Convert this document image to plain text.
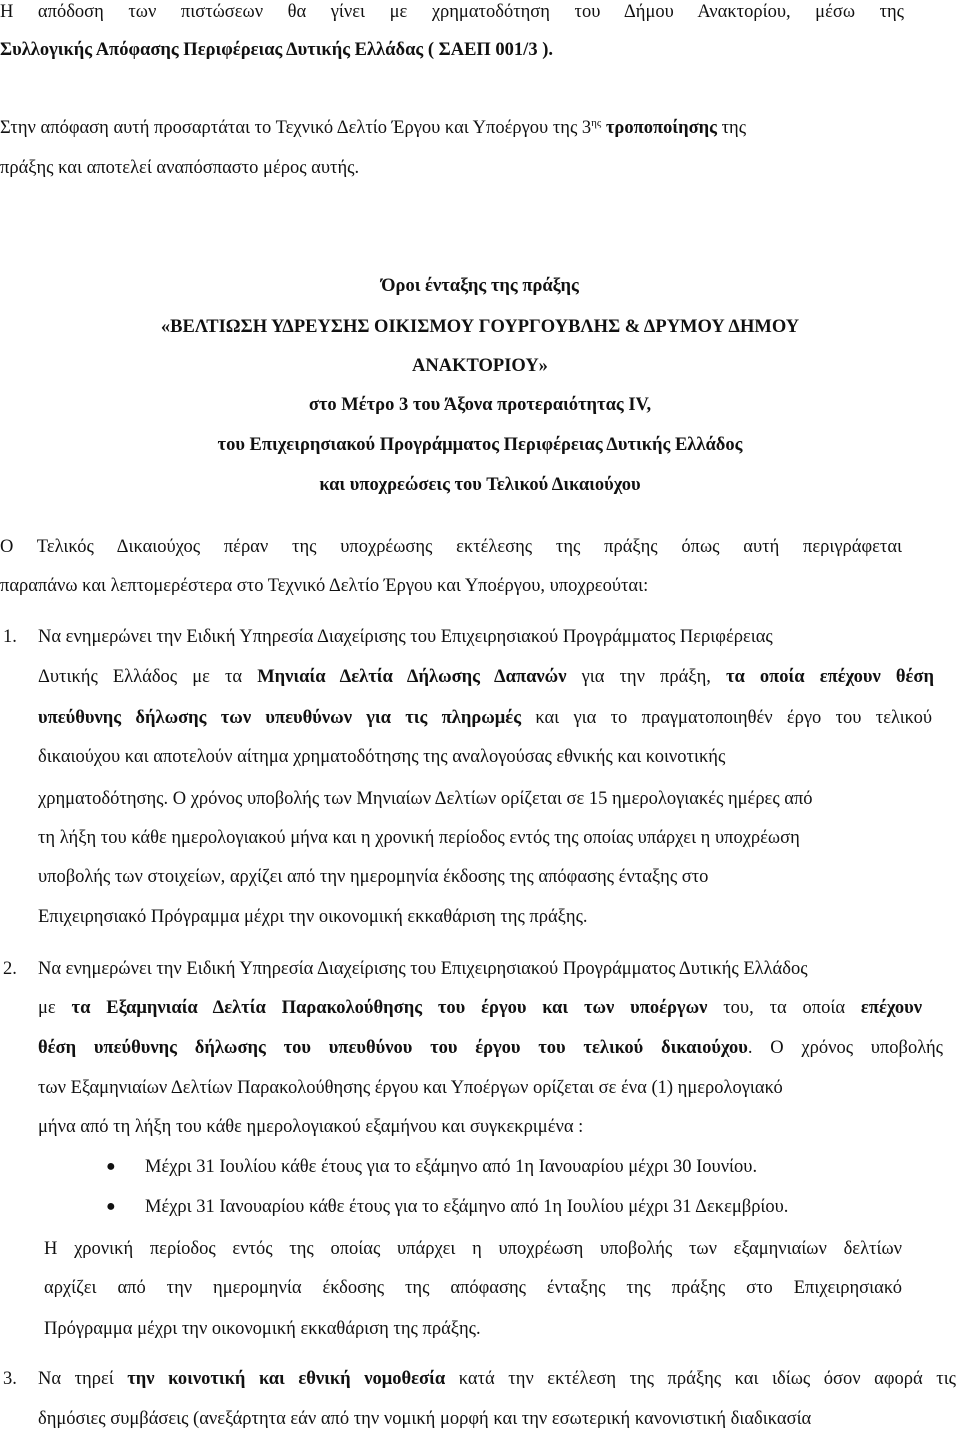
Η απόδοση των πιστώσεων θα γίνει με χρηματοδότηση του Δήμου Ανακτορίου, μέσω της
Συλλογικής Απόφασης Περιφέρειας Δυτικής Ελλάδας ( ΣΑΕΠ 001/3 ).
Στην απόφαση αυτή προσαρτάται το Τεχνικό Δελτίο Έργου και Υποέργου της $3^{\eta\varsigma}$ τροποποίησης της
πράξης και αποτελεί αναπόσπαστο μέρος αυτής.
Όροι ένταξης της πράξης
«ΒΕΛΤΙΩΣΗ ΥΔΡΕΥΣΗΣ ΟΙΚΙΣΜΟΥ ΓΟΥΡΓΟΥΒΛΗΣ & ΔΡΥΜΟΥ ΔΗΜΟΥ
ΑΝΑΚΤΟΡΙΟΥ»
στο Μέτρο 3 του Άξονα προτεραιότητας IV,
του Επιχειρησιακού Προγράμματος Περιφέρειας Δυτικής Ελλάδος
και υποχρεώσεις του Τελικού Δικαιούχου
Ο Τελικός Δικαιούχος πέραν της υποχρέωσης εκτέλεσης της πράξης όπως αυτή περιγράφεται
παραπάνω και λεπτομερέστερα στο Τεχνικό Δελτίο Έργου και Υποέργου, υποχρεούται:
1. Να ενημερώνει την Ειδική Υπηρεσία Διαχείρισης του Επιχειρησιακού Προγράμματος Περιφέρειας
Δυτικής Ελλάδος με τα Μηνιαία Δελτία Δήλωσης Δαπανών για την πράξη, τα οποία επέχουν θέση
υπεύθυνης δήλωσης των υπευθύνων για τις πληρωμές και για το πραγματοποιηθέν έργο του τελικού
δικαιούχου και αποτελούν αίτημα χρηματοδότησης της αναλογούσας εθνικής και κοινοτικής
χρηματοδότησης. Ο χρόνος υποβολής των Μηνιαίων Δελτίων ορίζεται σε 15 ημερολογιακές ημέρες από
τη λήξη του κάθε ημερολογιακού μήνα και η χρονική περίοδος εντός της οποίας υπάρχει η υποχρέωση
υποβολής των στοιχείων, αρχίζει από την ημερομηνία έκδοσης της απόφασης ένταξης στο
Επιχειρησιακό Πρόγραμμα μέχρι την οικονομική εκκαθάριση της πράξης.
2. Να ενημερώνει την Ειδική Υπηρεσία Διαχείρισης του Επιχειρησιακού Προγράμματος Δυτικής Ελλάδος
με τα Εξαμηνιαία Δελτία Παρακολούθησης του έργου και των υποέργων του, τα οποία επέχουν
θέση υπεύθυνης δήλωσης του υπευθύνου του έργου του τελικού δικαιούχου. Ο χρόνος υποβολής
των Εξαμηνιαίων Δελτίων Παρακολούθησης έργου και Υποέργων ορίζεται σε ένα (1) ημερολογιακό
μήνα από τη λήξη του κάθε ημερολογιακού εξαμήνου και συγκεκριμένα :
● Μέχρι 31 Ιουλίου κάθε έτους για το εξάμηνο από 1η Ιανουαρίου μέχρι 30 Ιουνίου.
● Μέχρι 31 Ιανουαρίου κάθε έτους για το εξάμηνο από 1η Ιουλίου μέχρι 31 Δεκεμβρίου.
Η χρονική περίοδος εντός της οποίας υπάρχει η υποχρέωση υποβολής των εξαμηνιαίων δελτίων
αρχίζει από την ημερομηνία έκδοσης της απόφασης ένταξης της πράξης στο Επιχειρησιακό
Πρόγραμμα μέχρι την οικονομική εκκαθάριση της πράξης.
3. Να τηρεί την κοινοτική και εθνική νομοθεσία κατά την εκτέλεση της πράξης και ιδίως όσον αφορά τις
δημόσιες συμβάσεις (ανεξάρτητα εάν από την νομική μορφή και την εσωτερική κανονιστική διαδικασία
